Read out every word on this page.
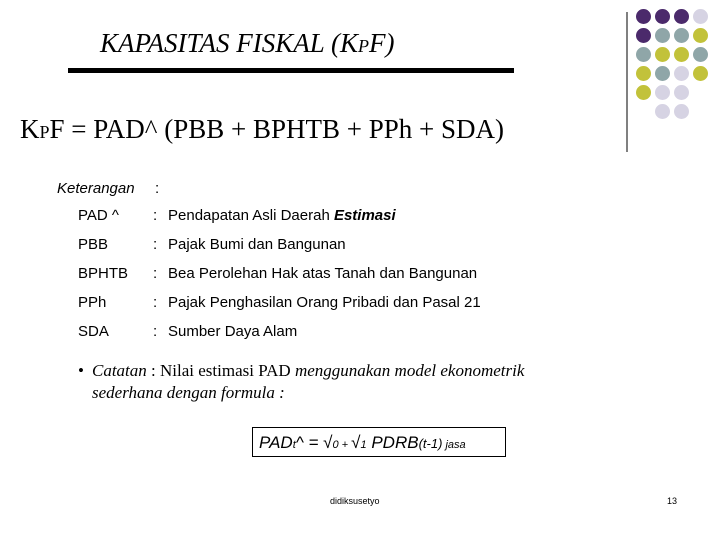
KAPASITAS FISKAL (KPF)
KPF = PAD^ (PBB + BPHTB + PPh + SDA)
Keterangan :
PAD ^ : Pendapatan Asli Daerah Estimasi
PBB	: Pajak Bumi dan Bangunan
BPHTB : Bea Perolehan Hak atas Tanah dan Bangunan
PPh	: Pajak Penghasilan Orang Pribadi dan Pasal 21
SDA	: Sumber Daya Alam
• Catatan : Nilai estimasi PAD menggunakan model ekonometrik sederhana dengan formula :
PADt^ = √0 + √1 PDRB(t-1) jasa
didiksusetyo	13
